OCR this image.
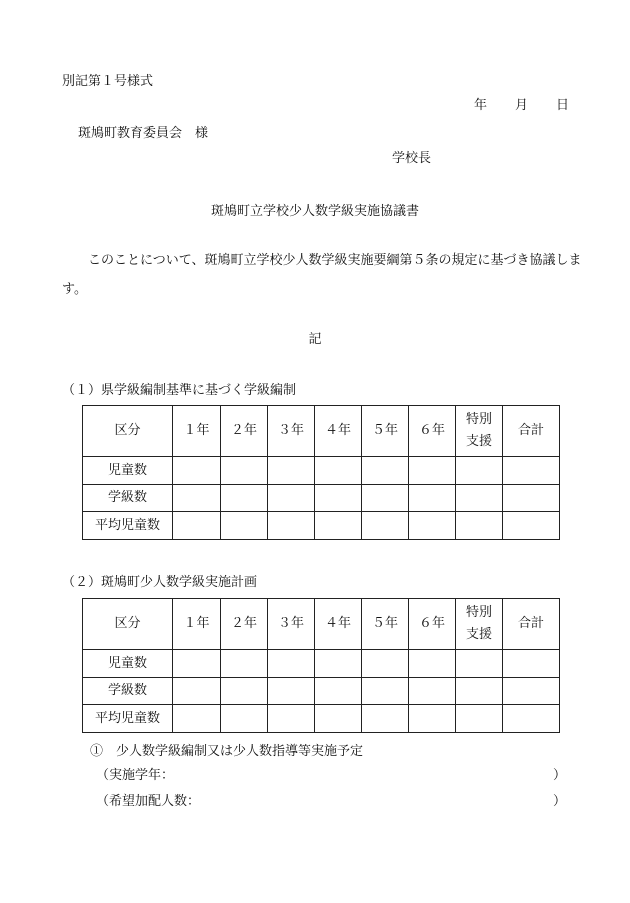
別記第１号様式
年 月 日
斑鳩町教育委員会　様
学校長
斑鳩町立学校少人数学級実施協議書
このことについて、斑鳩町立学校少人数学級実施要綱第５条の規定に基づき協議します。
記
（１）県学級編制基準に基づく学級編制
区分	１年	２年	３年	４年	５年	６年	特別支援	合計
児童数								
学級数								
平均児童数								
（２）斑鳩町少人数学級実施計画
区分	１年	２年	３年	４年	５年	６年	特別支援	合計
児童数								
学級数								
平均児童数								
①　少人数学級編制又は少人数指導等実施予定
（実施学年：	）
（希望加配人数：	）
